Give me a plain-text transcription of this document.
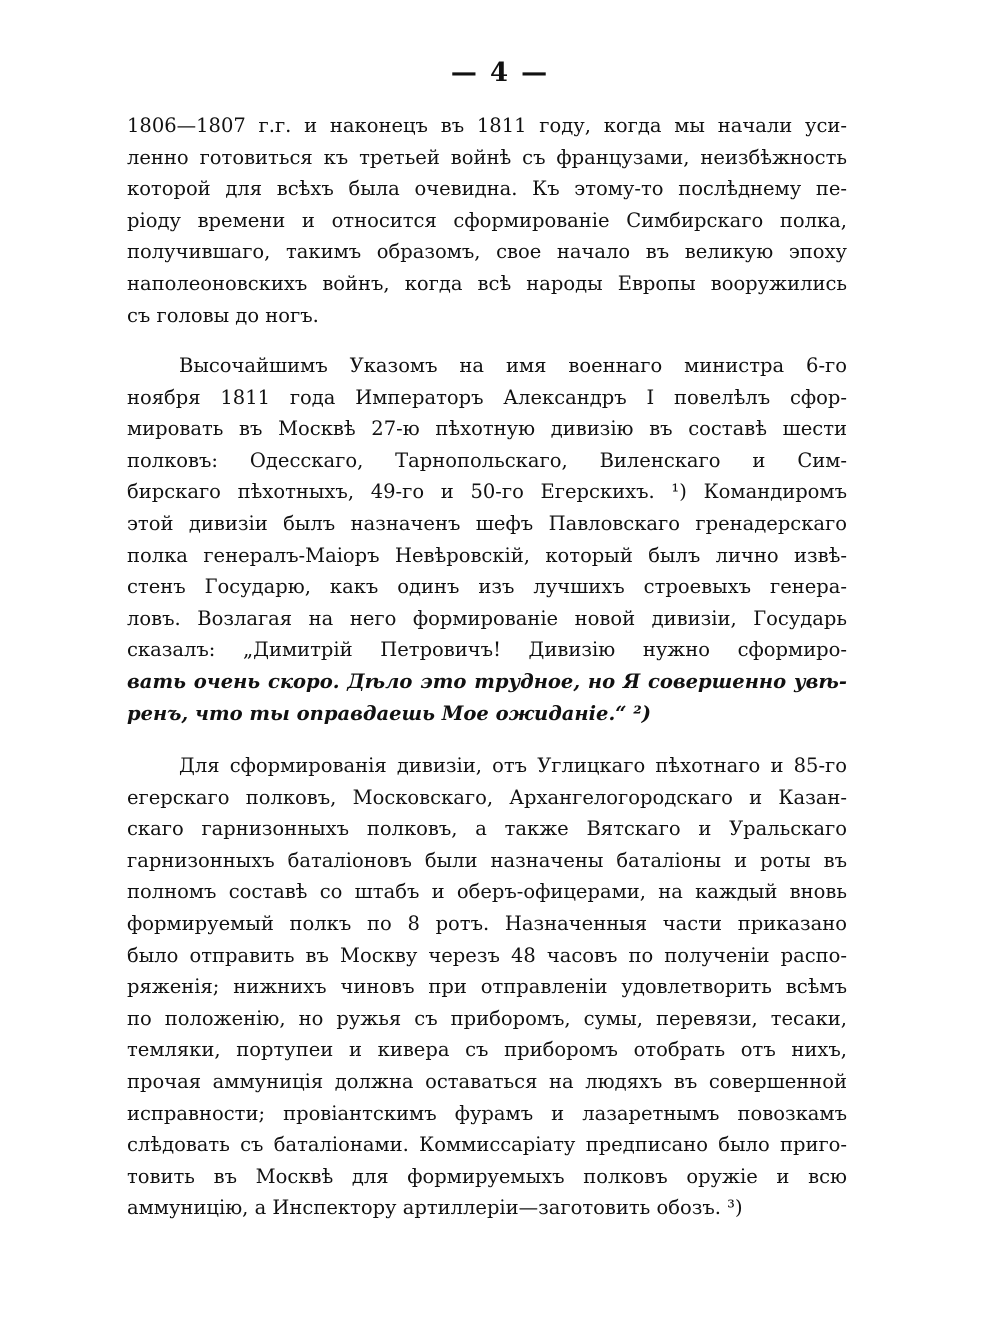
— 4 —
1806—1807 г.г. и наконецъ въ 1811 году, когда мы начали уси-
ленно готовиться къ третьей войнѣ съ французами, неизбѣжность
которой для всѣхъ была очевидна. Къ этому-то послѣднему пе-
ріоду времени и относится сформированіе Симбирскаго полка,
получившаго, такимъ образомъ, свое начало въ великую эпоху
наполеоновскихъ войнъ, когда всѣ народы Европы вооружились
съ головы до ногъ.
Высочайшимъ Указомъ на имя военнаго министра 6-го
ноября 1811 года Императоръ Александръ I повелѣлъ сфор-
мировать въ Москвѣ 27-ю пѣхотную дивизію въ составѣ шести
полковъ: Одесскаго, Тарнопольскаго, Виленскаго и Сим-
бирскаго пѣхотныхъ, 49-го и 50-го Егерскихъ. ¹) Командиромъ
этой дивизіи былъ назначенъ шефъ Павловскаго гренадерскаго
полка генералъ-Маіоръ Невѣровскій, который былъ лично извѣ-
стенъ Государю, какъ одинъ изъ лучшихъ строевыхъ генера-
ловъ. Возлагая на него формированіе новой дивизіи, Государь
сказалъ: „Димитрій Петровичъ! Дивизію нужно сформиро-
вать очень скоро. Дѣло это трудное, но Я совершенно увѣ-
ренъ, что ты оправдаешь Мое ожиданіе.“ ²)
Для сформированія дивизіи, отъ Углицкаго пѣхотнаго и 85-го
егерскаго полковъ, Московскаго, Архангелогородскаго и Казан-
скаго гарнизонныхъ полковъ, а также Вятскаго и Уральскаго
гарнизонныхъ баталіоновъ были назначены баталіоны и роты въ
полномъ составѣ со штабъ и оберъ-офицерами, на каждый вновь
формируемый полкъ по 8 ротъ. Назначенныя части приказано
было отправить въ Москву черезъ 48 часовъ по полученіи распо-
ряженія; нижнихъ чиновъ при отправленіи удовлетворить всѣмъ
по положенію, но ружья съ приборомъ, сумы, перевязи, тесаки,
темляки, портупеи и кивера съ приборомъ отобрать отъ нихъ,
прочая аммуниція должна оставаться на людяхъ въ совершенной
исправности; провіантскимъ фурамъ и лазаретнымъ повозкамъ
слѣдовать съ баталіонами. Коммиссаріату предписано было приго-
товить въ Москвѣ для формируемыхъ полковъ оружіе и всю
аммуницію, а Инспектору артиллеріи—заготовить обозъ. ³)
